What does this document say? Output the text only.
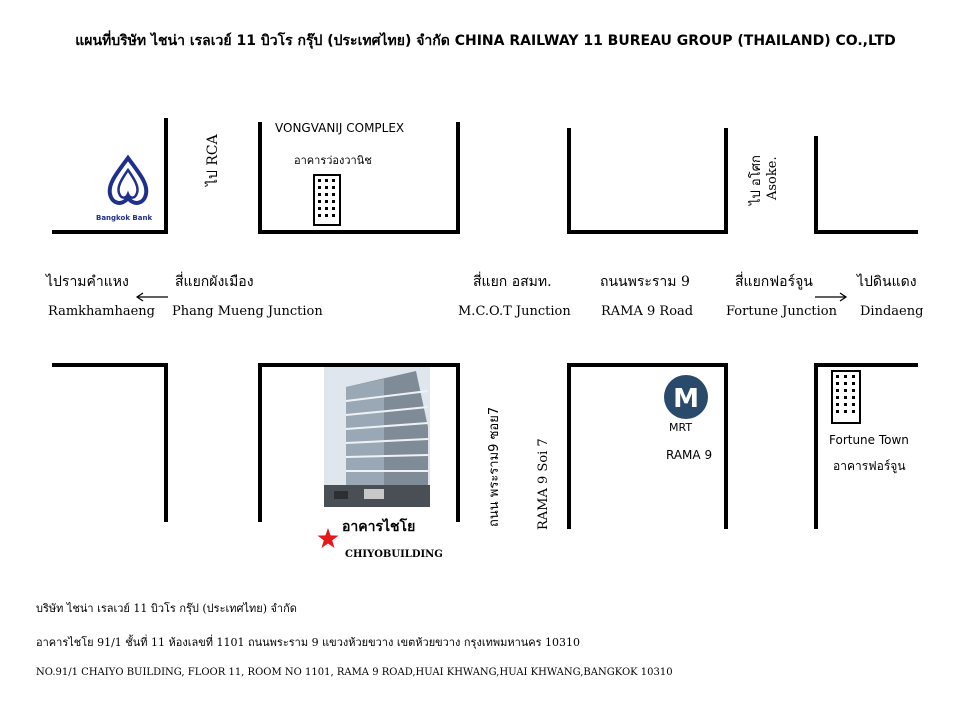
แผนที่บริษัท ไชน่า เรลเวย์ 11 บิวโร กรุ๊ป (ประเทศไทย) จำกัด CHINA RAILWAY 11 BUREAU GROUP (THAILAND) CO.,LTD
M
Bangkok Bank
VONGVANIJ COMPLEX
อาคารว่องวานิช
ไป RCA	ไป อโศก Asoke.
ไปรามคำแหง
Ramkhamhaeng
สี่แยกผังเมือง
Phang Mueng Junction
สี่แยก อสมท.
M.C.O.T Junction
ถนนพระราม 9
RAMA 9 Road
สี่แยกฟอร์จูน
Fortune Junction
ไปดินแดง
Dindaeng
ถนน พระราม9 ซอย7	RAMA 9 Soi 7
MRT
RAMA 9
Fortune Town
อาคารฟอร์จูน
อาคารไชโย
CHIYOBUILDING
บริษัท ไชน่า เรลเวย์ 11 บิวโร กรุ๊ป (ประเทศไทย) จำกัด
อาคารไชโย 91/1 ชั้นที่ 11 ห้องเลขที่ 1101 ถนนพระราม 9 แขวงห้วยขวาง เขตห้วยขวาง กรุงเทพมหานคร 10310
NO.91/1 CHAIYO BUILDING, FLOOR 11, ROOM NO 1101, RAMA 9 ROAD,HUAI KHWANG,HUAI KHWANG,BANGKOK 10310
